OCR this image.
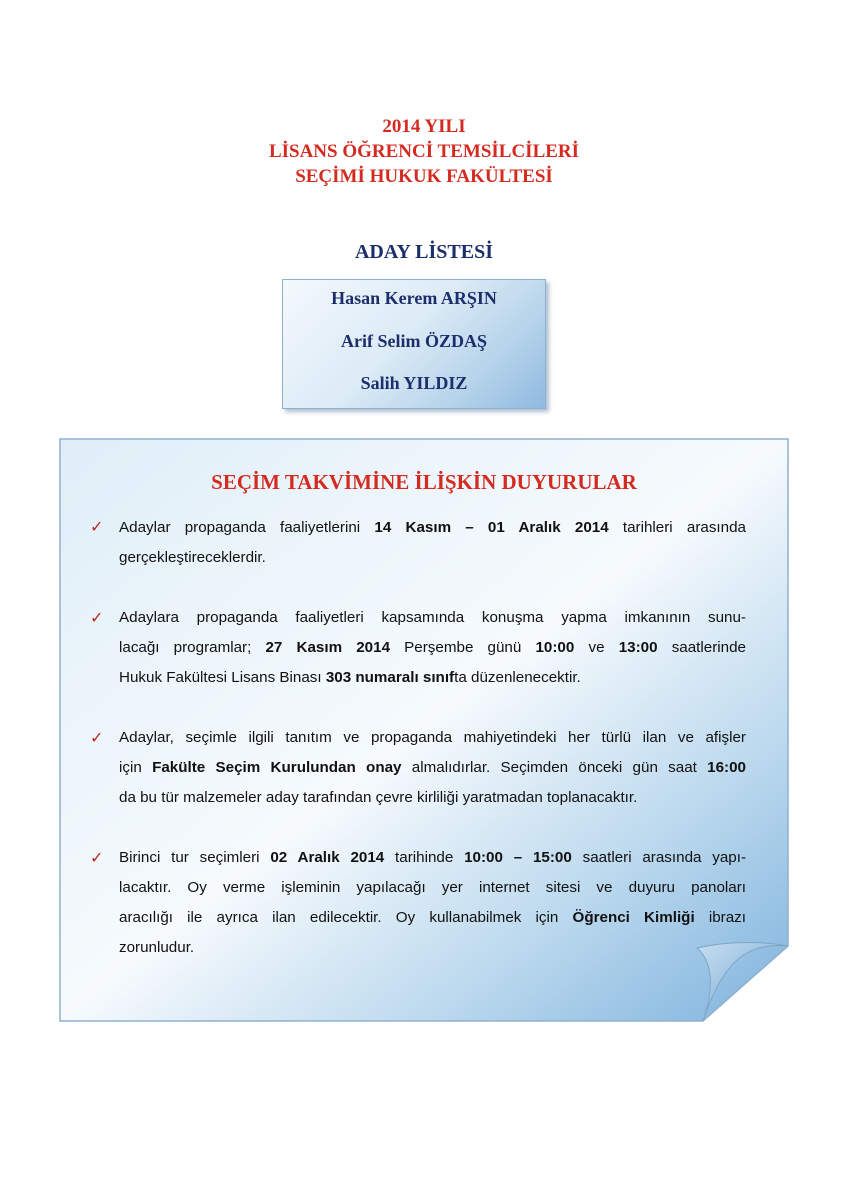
2014 YILI
LİSANS ÖĞRENCİ TEMSİLCİLERİ
SEÇİMİ HUKUK FAKÜLTESİ
ADAY LİSTESİ
Hasan Kerem ARŞIN
Arif Selim ÖZDAŞ
Salih YILDIZ
SEÇİM TAKVİMİNE İLİŞKİN DUYURULAR
✓ Adaylar propaganda faaliyetlerini 14 Kasım – 01 Aralık 2014 tarihleri arasında
gerçekleştireceklerdir.
✓ Adaylara propaganda faaliyetleri kapsamında konuşma yapma imkanının sunu-
lacağı programlar; 27 Kasım 2014 Perşembe günü 10:00 ve 13:00 saatlerinde
Hukuk Fakültesi Lisans Binası 303 numaralı sınıfta düzenlenecektir.
✓ Adaylar, seçimle ilgili tanıtım ve propaganda mahiyetindeki her türlü ilan ve afişler
için Fakülte Seçim Kurulundan onay almalıdırlar. Seçimden önceki gün saat 16:00
da bu tür malzemeler aday tarafından çevre kirliliği yaratmadan toplanacaktır.
✓ Birinci tur seçimleri 02 Aralık 2014 tarihinde 10:00 – 15:00 saatleri arasında yapı-
lacaktır. Oy verme işleminin yapılacağı yer internet sitesi ve duyuru panoları
aracılığı ile ayrıca ilan edilecektir. Oy kullanabilmek için Öğrenci Kimliği ibrazı
zorunludur.
